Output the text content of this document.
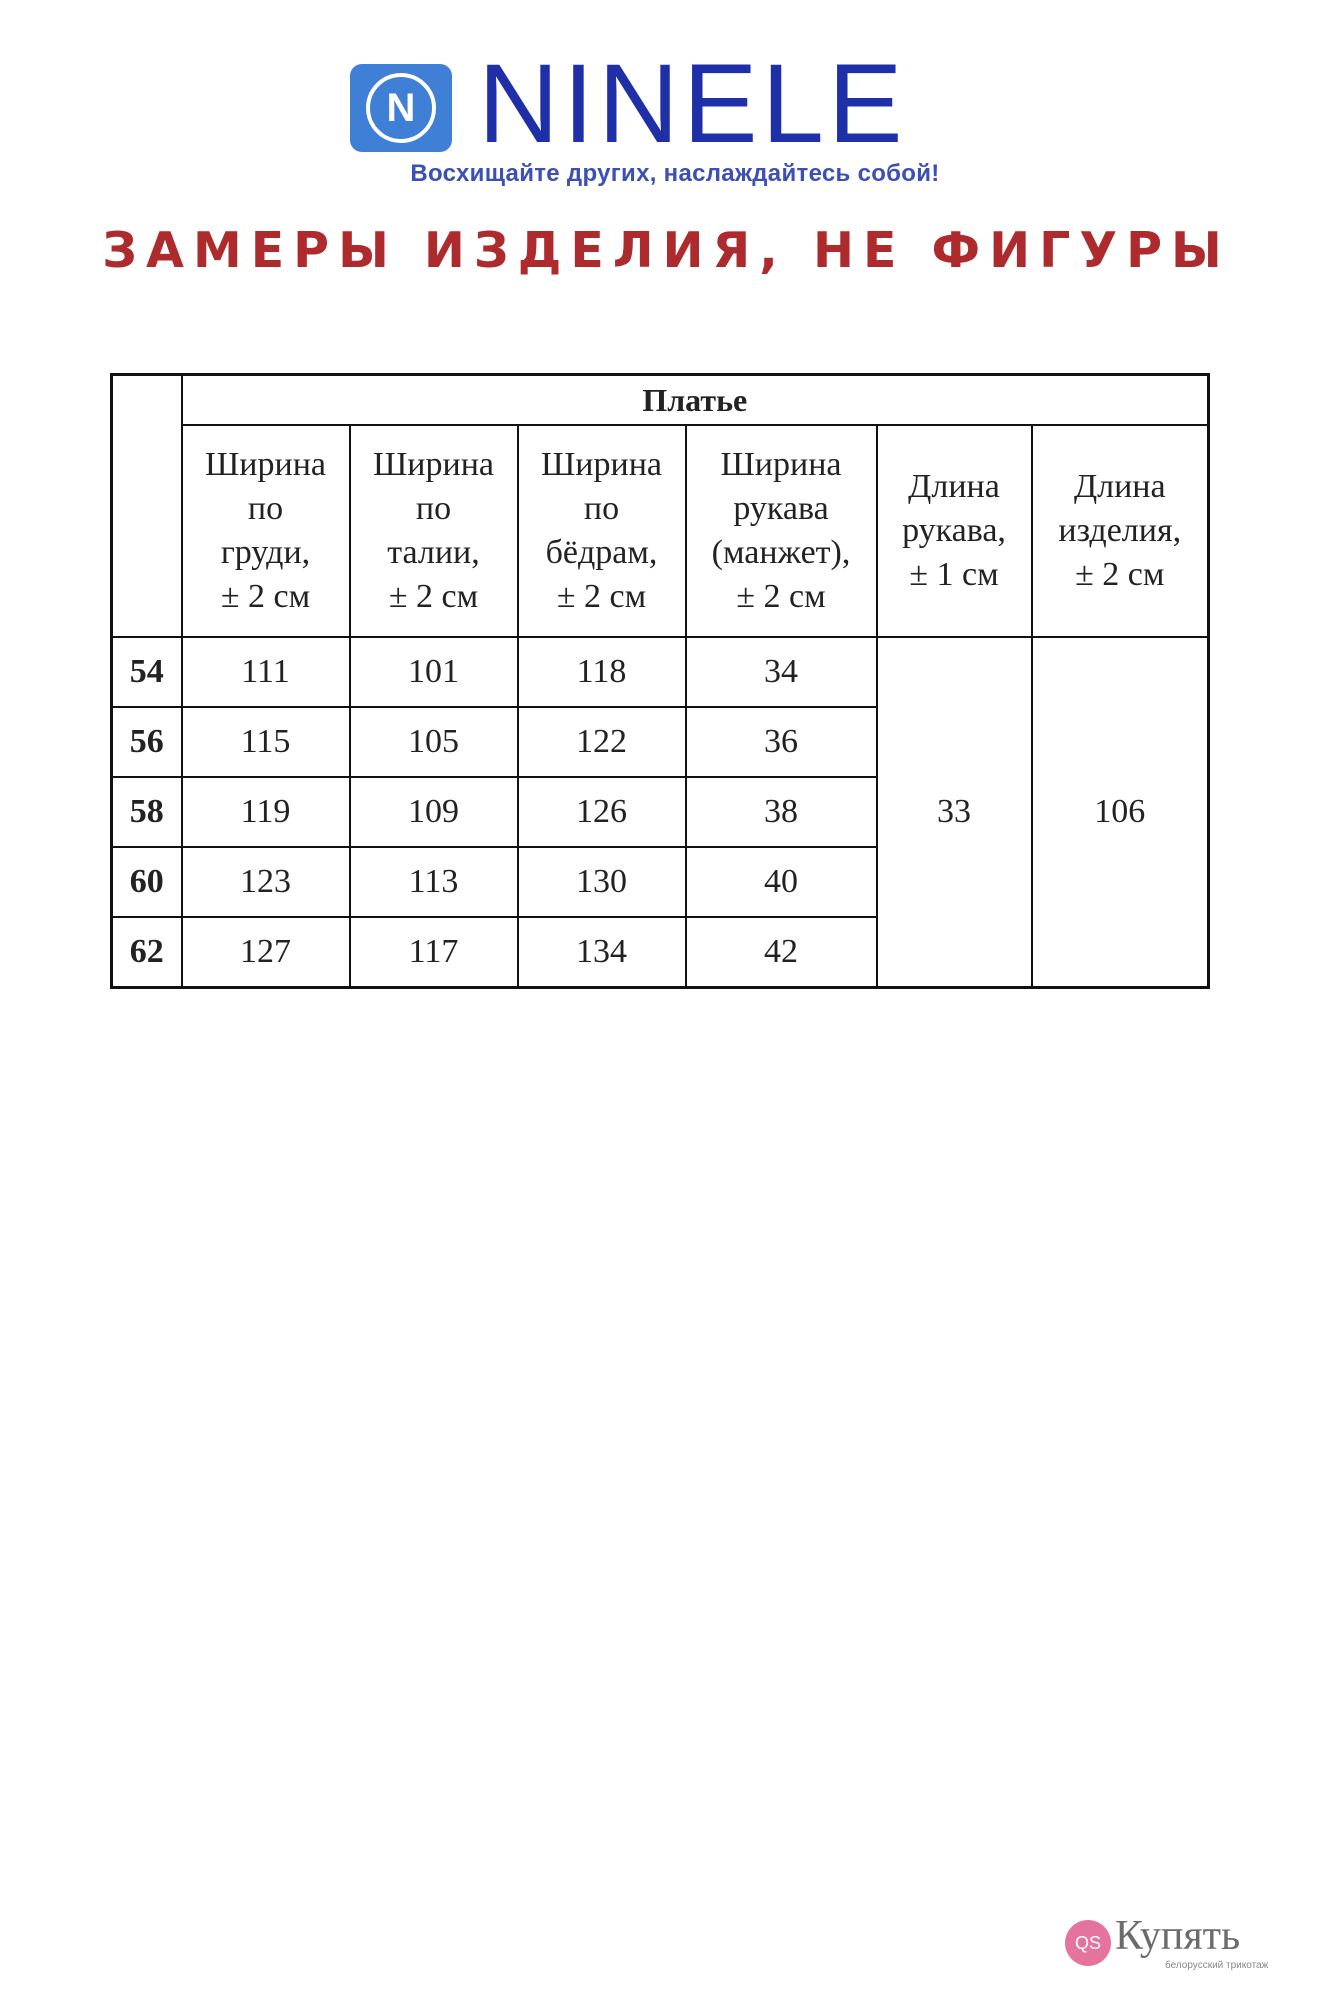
N NINELE
Восхищайте других, наслаждайтесь собой!
ЗАМЕРЫ ИЗДЕЛИЯ, НЕ ФИГУРЫ
	Платье					

	Ширина
по
груди,
± 2 см	Ширина
по
талии,
± 2 см	Ширина
по
бёдрам,
± 2 см	Ширина
рукава
(манжет),
± 2 см	Длина
рукава,
± 1 см	Длина
изделия,
± 2 см

54	111	101	118	34	33	106
56	115	105	122	36		
58	119	109	126	38		
60	123	113	130	40		
62	127	117	134	42		
QS Купять
белорусский трикотаж
